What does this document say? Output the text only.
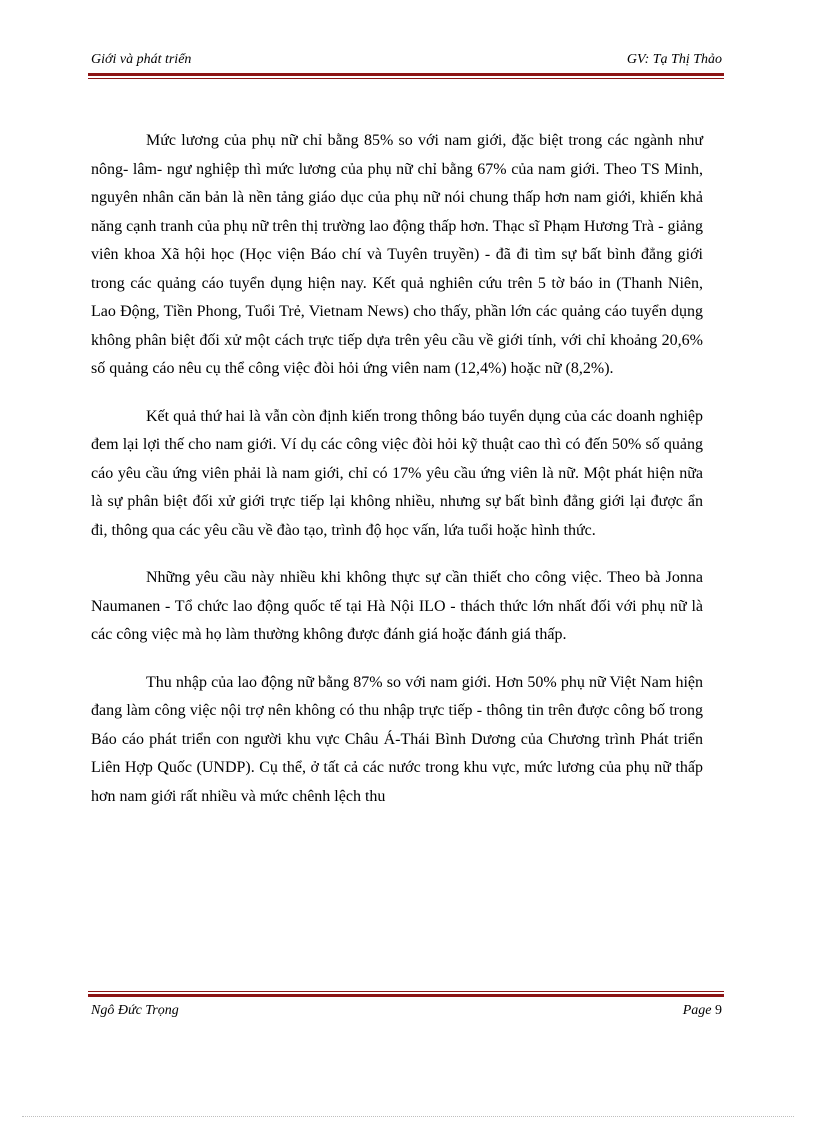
Giới và phát triển	GV: Tạ Thị Thảo

Mức lương của phụ nữ chỉ bằng 85% so với nam giới, đặc biệt trong các ngành như nông- lâm- ngư nghiệp thì mức lương của phụ nữ chỉ bằng 67% của nam giới. Theo TS Minh, nguyên nhân căn bản là nền tảng giáo dục của phụ nữ nói chung thấp hơn nam giới, khiến khả năng cạnh tranh của phụ nữ trên thị trường lao động thấp hơn. Thạc sĩ Phạm Hương Trà - giảng viên khoa Xã hội học (Học viện Báo chí và Tuyên truyền) - đã đi tìm sự bất bình đẳng giới trong các quảng cáo tuyển dụng hiện nay. Kết quả nghiên cứu trên 5 tờ báo in (Thanh Niên, Lao Động, Tiền Phong, Tuổi Trẻ, Vietnam News) cho thấy, phần lớn các quảng cáo tuyển dụng không phân biệt đối xử một cách trực tiếp dựa trên yêu cầu về giới tính, với chỉ khoảng 20,6% số quảng cáo nêu cụ thể công việc đòi hỏi ứng viên nam (12,4%) hoặc nữ (8,2%).

Kết quả thứ hai là vẫn còn định kiến trong thông báo tuyển dụng của các doanh nghiệp đem lại lợi thế cho nam giới. Ví dụ các công việc đòi hỏi kỹ thuật cao thì có đến 50% số quảng cáo yêu cầu ứng viên phải là nam giới, chỉ có 17% yêu cầu ứng viên là nữ. Một phát hiện nữa là sự phân biệt đối xử giới trực tiếp lại không nhiều, nhưng sự bất bình đẳng giới lại được ẩn đi, thông qua các yêu cầu về đào tạo, trình độ học vấn, lứa tuổi hoặc hình thức.

Những yêu cầu này nhiều khi không thực sự cần thiết cho công việc. Theo bà Jonna Naumanen - Tổ chức lao động quốc tế tại Hà Nội ILO - thách thức lớn nhất đối với phụ nữ là các công việc mà họ làm thường không được đánh giá hoặc đánh giá thấp.

Thu nhập của lao động nữ bằng 87% so với nam giới. Hơn 50% phụ nữ Việt Nam hiện đang làm công việc nội trợ nên không có thu nhập trực tiếp - thông tin trên được công bố trong Báo cáo phát triển con người khu vực Châu Á-Thái Bình Dương của Chương trình Phát triển Liên Hợp Quốc (UNDP). Cụ thể, ở tất cả các nước trong khu vực, mức lương của phụ nữ thấp hơn nam giới rất nhiều và mức chênh lệch thu

Ngô Đức Trọng	Page 9
